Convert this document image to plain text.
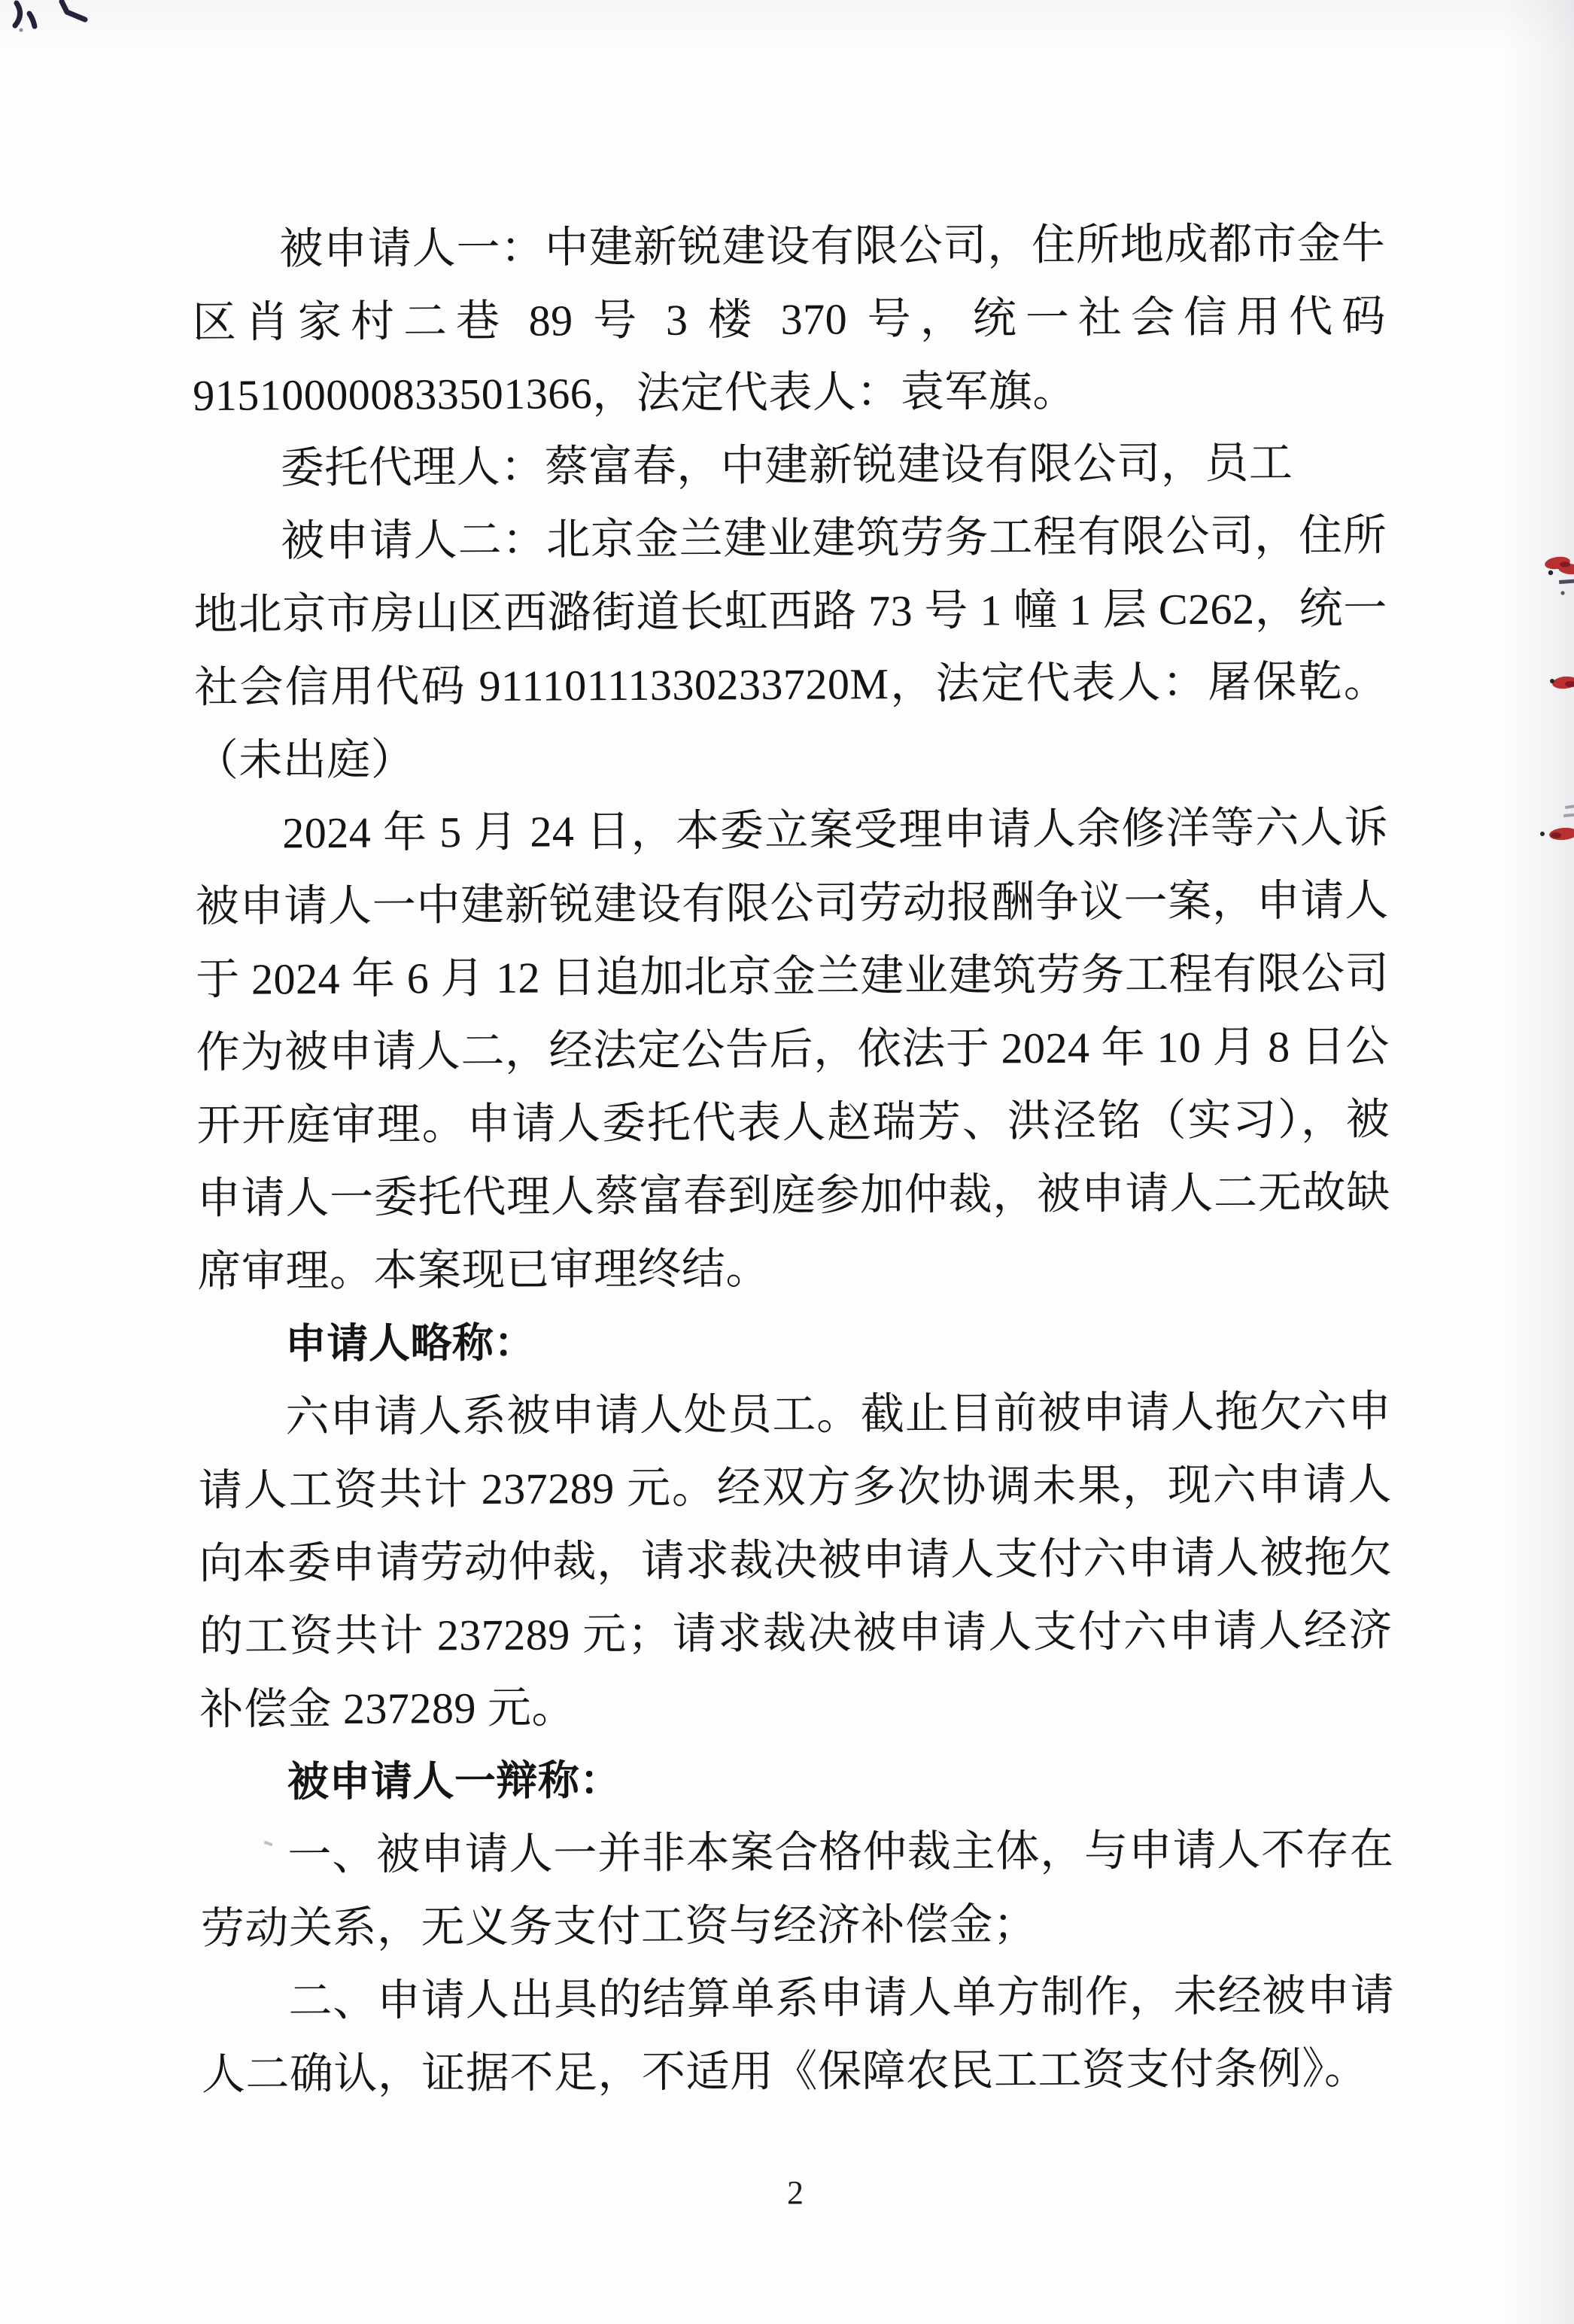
被申请人一：中建新锐建设有限公司，住所地成都市金牛
区肖家村二巷 89 号 3 楼 370 号，统一社会信用代码
915100000833501366，法定代表人：袁军旗。
委托代理人：蔡富春，中建新锐建设有限公司，员工
被申请人二：北京金兰建业建筑劳务工程有限公司，住所
地北京市房山区西潞街道长虹西路 73 号 1 幢 1 层 C262，统一
社会信用代码 91110111330233720M，法定代表人：屠保乾。
（未出庭）
2024 年 5 月 24 日，本委立案受理申请人余修洋等六人诉
被申请人一中建新锐建设有限公司劳动报酬争议一案，申请人
于 2024 年 6 月 12 日追加北京金兰建业建筑劳务工程有限公司
作为被申请人二，经法定公告后，依法于 2024 年 10 月 8 日公
开开庭审理。申请人委托代表人赵瑞芳、洪泾铭（实习），被
申请人一委托代理人蔡富春到庭参加仲裁，被申请人二无故缺
席审理。本案现已审理终结。
申请人略称：
六申请人系被申请人处员工。截止目前被申请人拖欠六申
请人工资共计 237289 元。经双方多次协调未果，现六申请人
向本委申请劳动仲裁，请求裁决被申请人支付六申请人被拖欠
的工资共计 237289 元；请求裁决被申请人支付六申请人经济
补偿金 237289 元。
被申请人一辩称：
一、被申请人一并非本案合格仲裁主体，与申请人不存在
劳动关系，无义务支付工资与经济补偿金；
二、申请人出具的结算单系申请人单方制作，未经被申请
人二确认，证据不足，不适用《保障农民工工资支付条例》。
2
